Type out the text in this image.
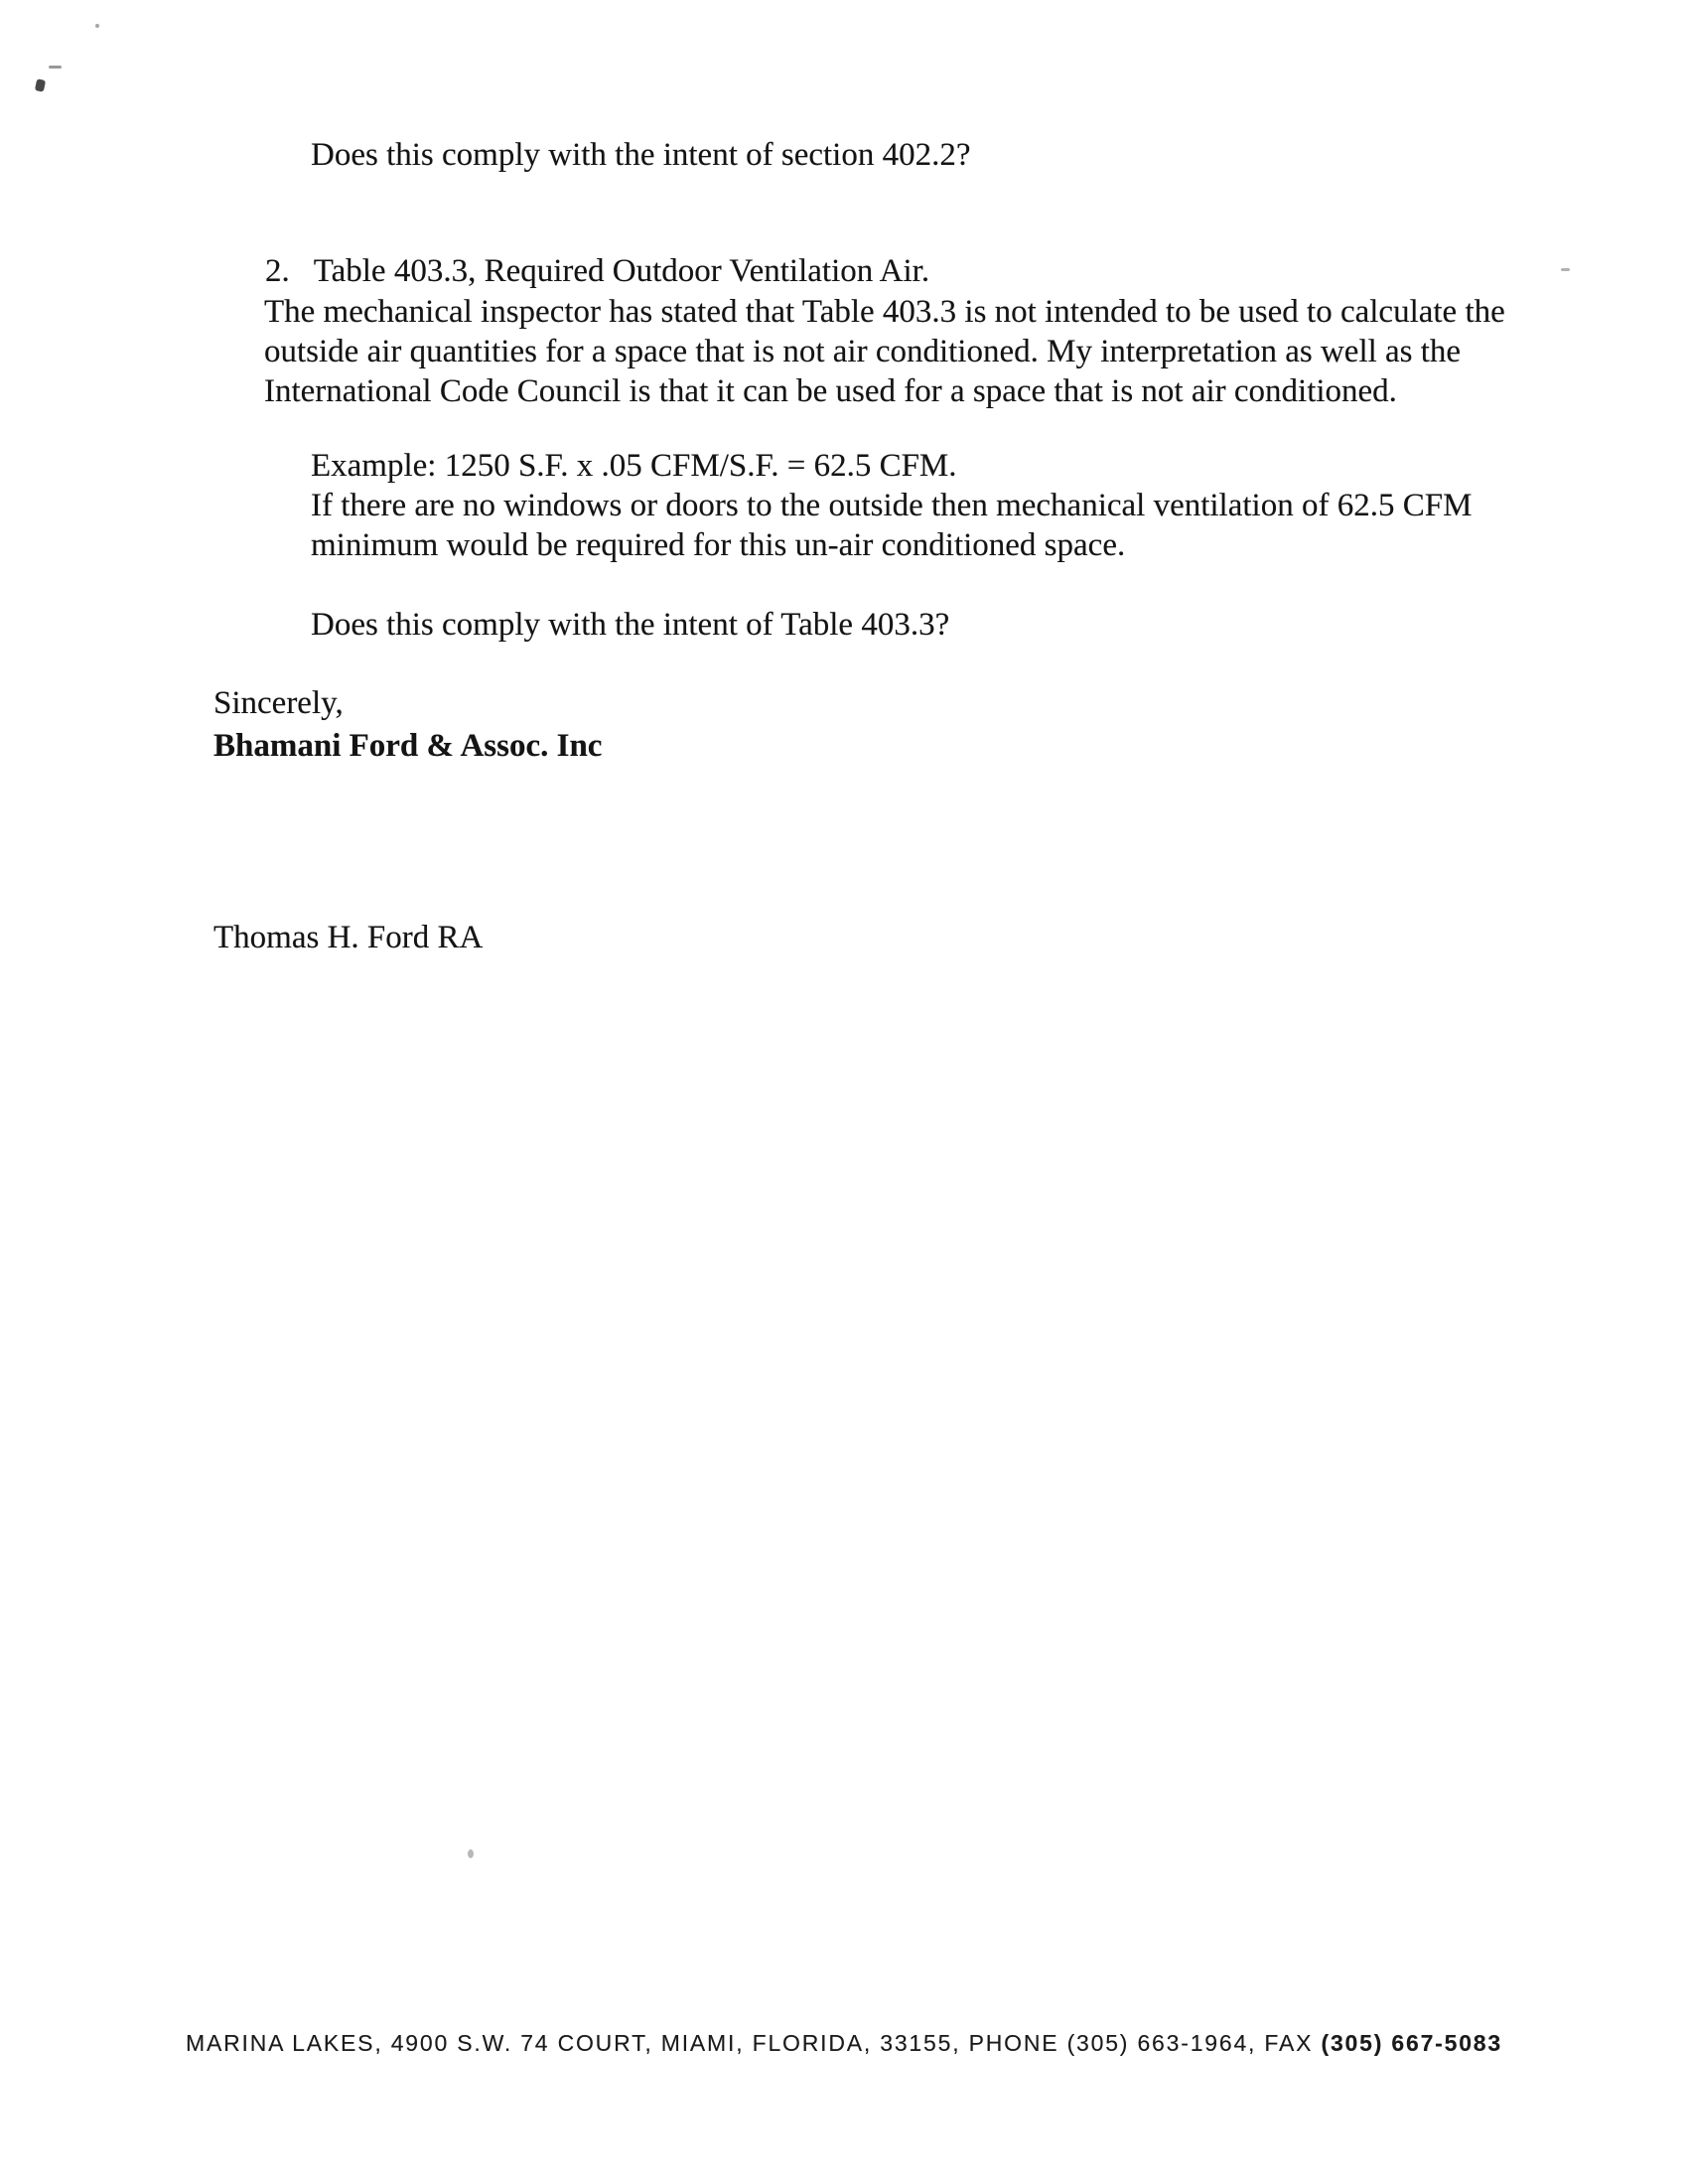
Does this comply with the intent of section 402.2?
2. Table 403.3, Required Outdoor Ventilation Air.
The mechanical inspector has stated that Table 403.3 is not intended to be used to calculate the
outside air quantities for a space that is not air conditioned. My interpretation as well as the
International Code Council is that it can be used for a space that is not air conditioned.
Example: 1250 S.F. x .05 CFM/S.F. = 62.5 CFM.
If there are no windows or doors to the outside then mechanical ventilation of 62.5 CFM
minimum would be required for this un-air conditioned space.
Does this comply with the intent of Table 403.3?
Sincerely,
Bhamani Ford & Assoc. Inc
Thomas H. Ford RA
MARINA LAKES, 4900 S.W. 74 COURT, MIAMI, FLORIDA, 33155, PHONE (305) 663-1964, FAX (305) 667-5083
